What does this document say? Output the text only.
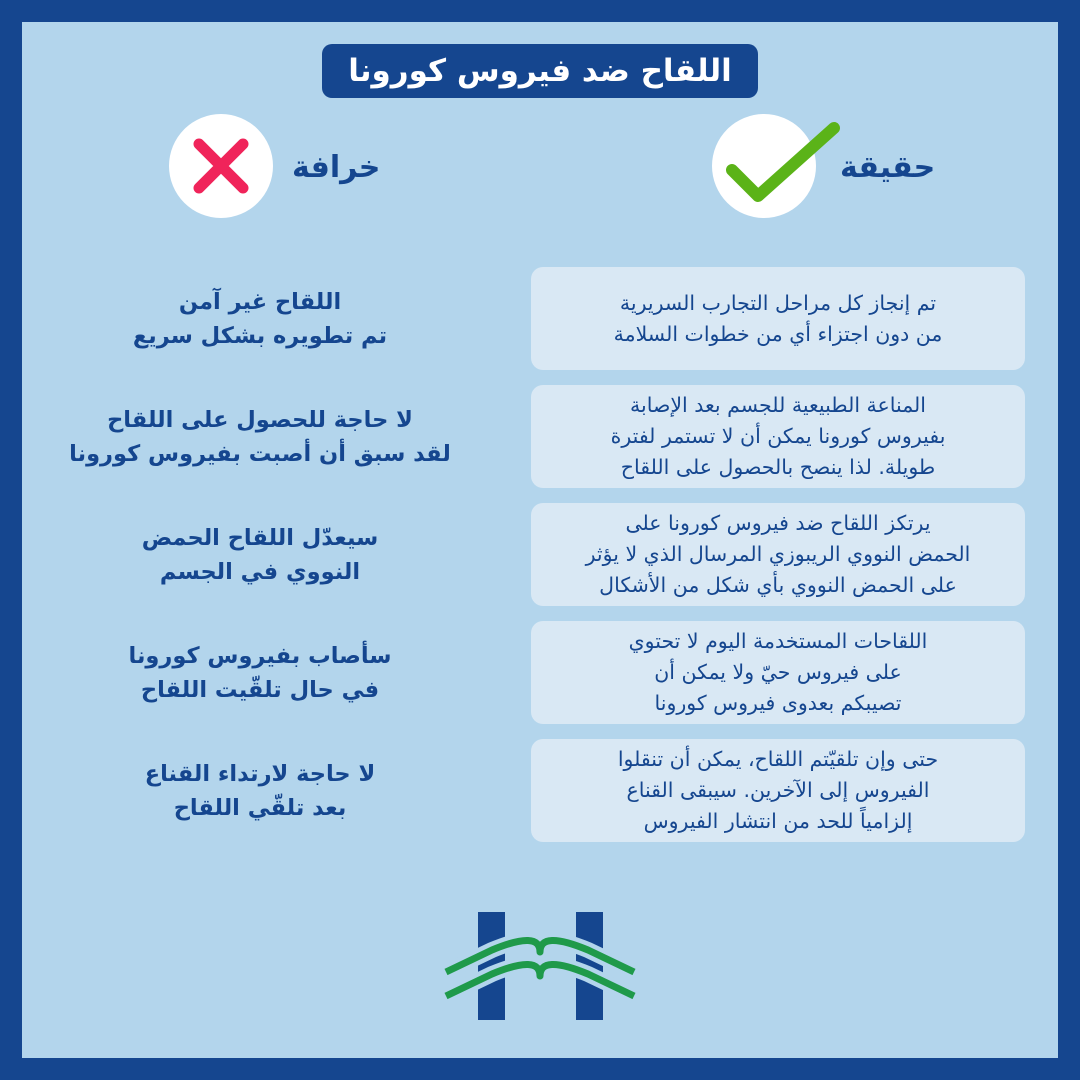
اللقاح ضد فيروس كورونا
خرافة	حقيقة
تم إنجاز كل مراحل التجارب السريرية
من دون اجتزاء أي من خطوات السلامة
اللقاح غير آمن
تم تطويره بشكل سريع
المناعة الطبيعية للجسم بعد الإصابة
بفيروس كورونا يمكن أن لا تستمر لفترة
طويلة. لذا ينصح بالحصول على اللقاح
لا حاجة للحصول على اللقاح
لقد سبق أن أصبت بفيروس كورونا
يرتكز اللقاح ضد فيروس كورونا على
الحمض النووي الريبوزي المرسال الذي لا يؤثر
على الحمض النووي بأي شكل من الأشكال
سيعدّل اللقاح الحمض
النووي في الجسم
اللقاحات المستخدمة اليوم لا تحتوي
على فيروس حيّ ولا يمكن أن
تصيبكم بعدوى فيروس كورونا
سأصاب بفيروس كورونا
في حال تلقّيت اللقاح
حتى وإن تلقيّتم اللقاح، يمكن أن تنقلوا
الفيروس إلى الآخرين. سيبقى القناع
إلزامياً للحد من انتشار الفيروس
لا حاجة لارتداء القناع
بعد تلقّي اللقاح
